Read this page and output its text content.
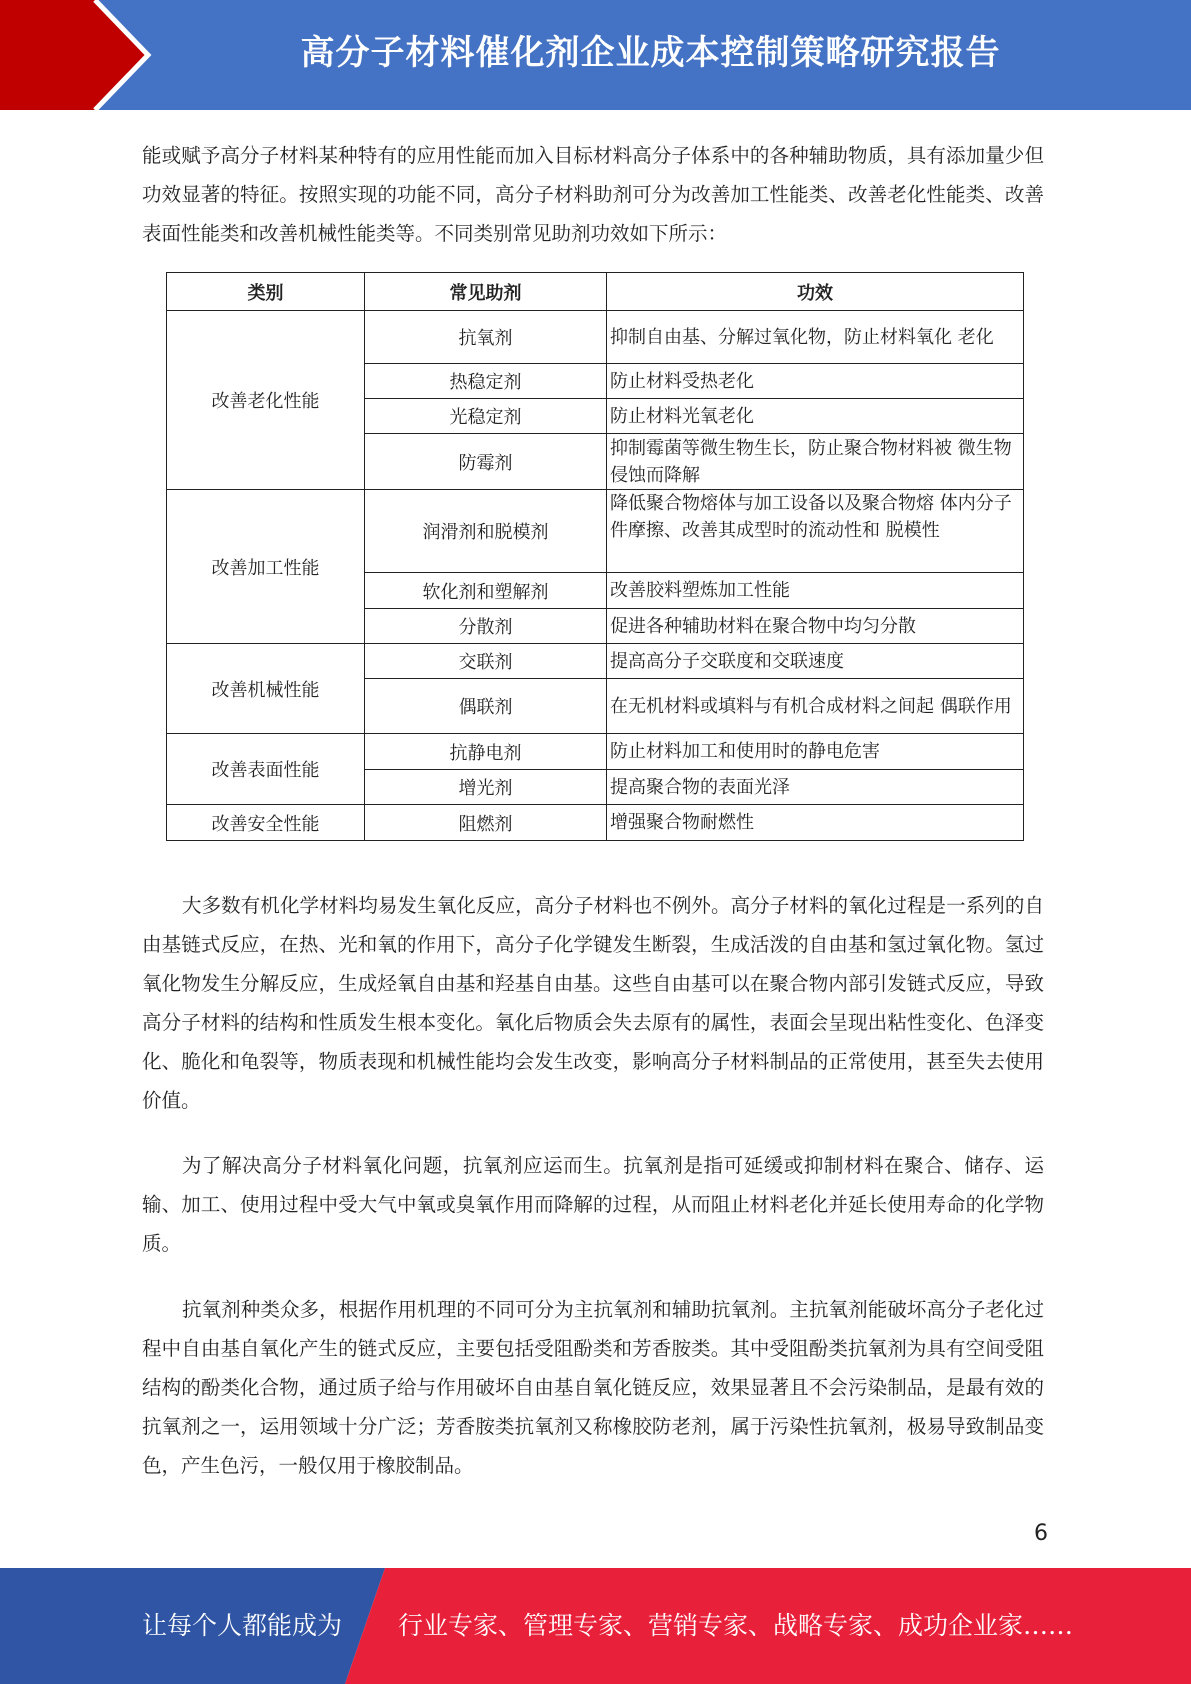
高分子材料催化剂企业成本控制策略研究报告

能或赋予高分子材料某种特有的应用性能而加入目标材料高分子体系中的各种辅助物质，具有添加量少但功效显著的特征。按照实现的功能不同，高分子材料助剂可分为改善加工性能类、改善老化性能类、改善表面性能类和改善机械性能类等。不同类别常见助剂功效如下所示：

类别	常见助剂	功效
改善老化性能	抗氧剂	抑制自由基、分解过氧化物，防止材料氧化 老化
	热稳定剂	防止材料受热老化
	光稳定剂	防止材料光氧老化
	防霉剂	抑制霉菌等微生物生长，防止聚合物材料被 微生物侵蚀而降解
改善加工性能	润滑剂和脱模剂	降低聚合物熔体与加工设备以及聚合物熔 体内分子件摩擦、改善其成型时的流动性和 脱模性
	软化剂和塑解剂	改善胶料塑炼加工性能
	分散剂	促进各种辅助材料在聚合物中均匀分散
改善机械性能	交联剂	提高高分子交联度和交联速度
	偶联剂	在无机材料或填料与有机合成材料之间起 偶联作用
改善表面性能	抗静电剂	防止材料加工和使用时的静电危害
	增光剂	提高聚合物的表面光泽
改善安全性能	阻燃剂	增强聚合物耐燃性

大多数有机化学材料均易发生氧化反应，高分子材料也不例外。高分子材料的氧化过程是一系列的自由基链式反应，在热、光和氧的作用下，高分子化学键发生断裂，生成活泼的自由基和氢过氧化物。氢过氧化物发生分解反应，生成烃氧自由基和羟基自由基。这些自由基可以在聚合物内部引发链式反应，导致高分子材料的结构和性质发生根本变化。氧化后物质会失去原有的属性，表面会呈现出粘性变化、色泽变化、脆化和龟裂等，物质表现和机械性能均会发生改变，影响高分子材料制品的正常使用，甚至失去使用价值。

为了解决高分子材料氧化问题，抗氧剂应运而生。抗氧剂是指可延缓或抑制材料在聚合、储存、运输、加工、使用过程中受大气中氧或臭氧作用而降解的过程，从而阻止材料老化并延长使用寿命的化学物质。

抗氧剂种类众多，根据作用机理的不同可分为主抗氧剂和辅助抗氧剂。主抗氧剂能破坏高分子老化过程中自由基自氧化产生的链式反应，主要包括受阻酚类和芳香胺类。其中受阻酚类抗氧剂为具有空间受阻结构的酚类化合物，通过质子给与作用破坏自由基自氧化链反应，效果显著且不会污染制品，是最有效的抗氧剂之一，运用领域十分广泛；芳香胺类抗氧剂又称橡胶防老剂，属于污染性抗氧剂，极易导致制品变色，产生色污，一般仅用于橡胶制品。

6
让每个人都能成为 行业专家、管理专家、营销专家、战略专家、成功企业家……
